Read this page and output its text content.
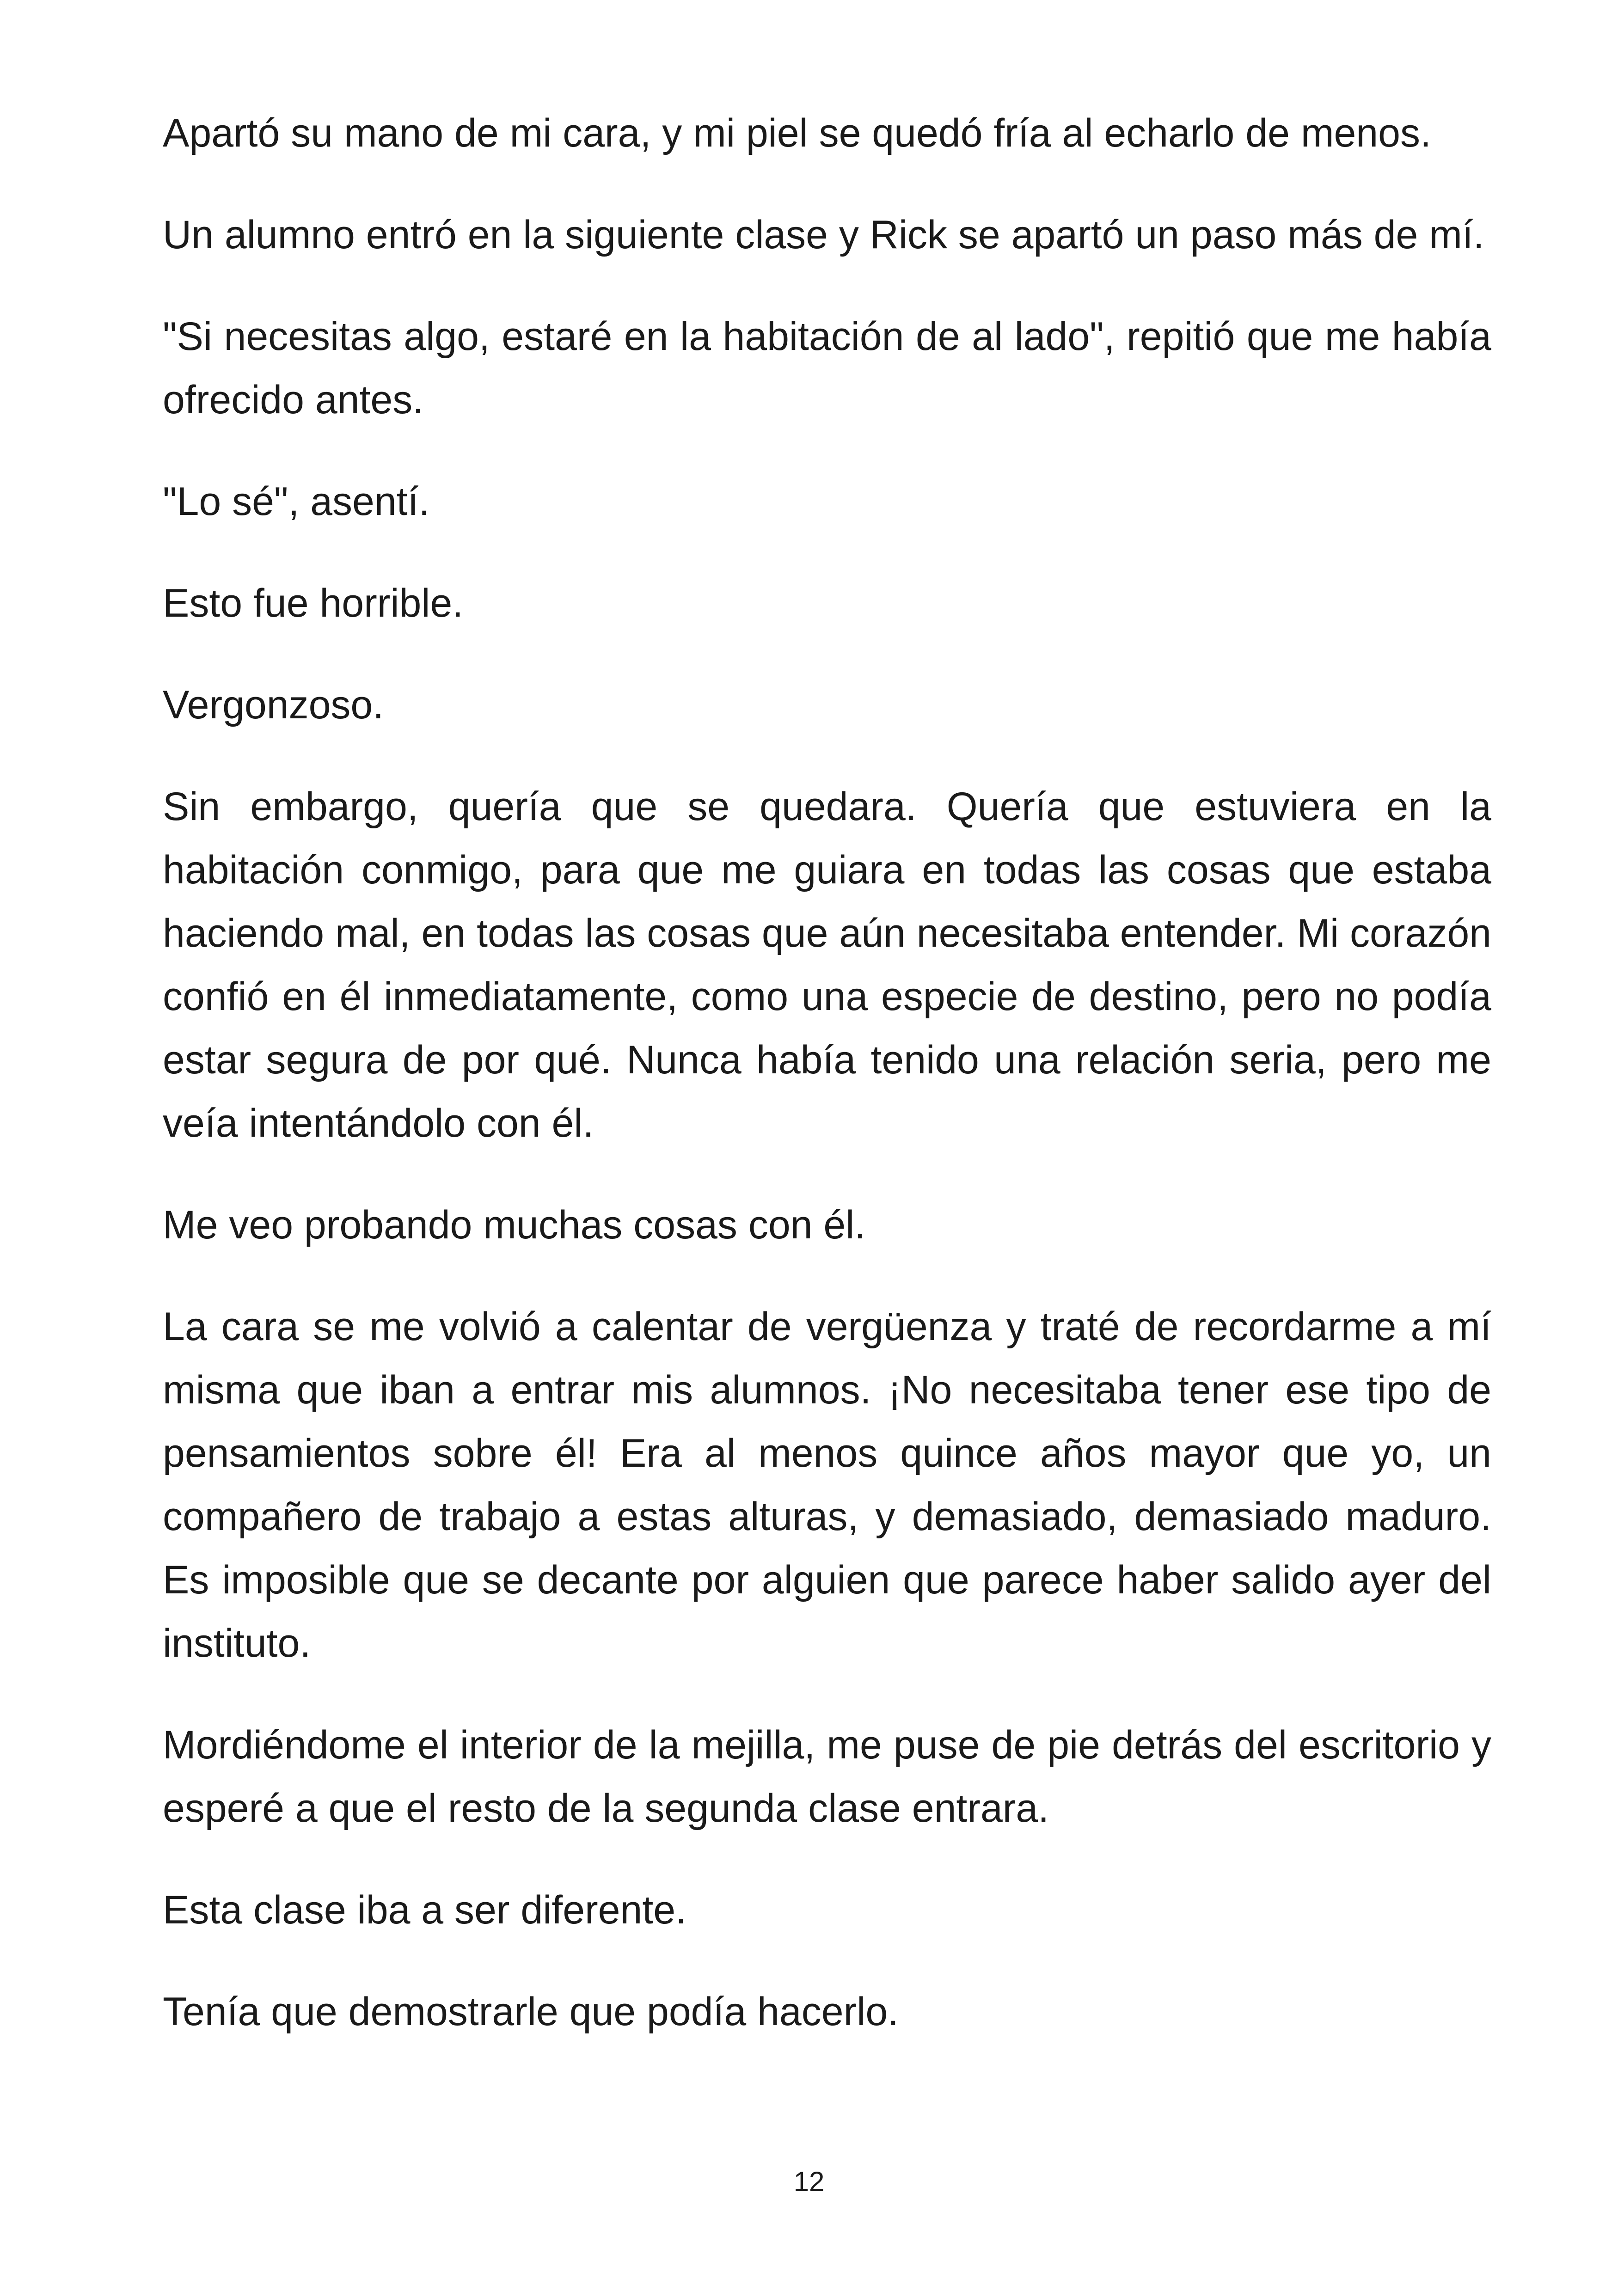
Apartó su mano de mi cara, y mi piel se quedó fría al echarlo de menos.

Un alumno entró en la siguiente clase y Rick se apartó un paso más de mí.

"Si necesitas algo, estaré en la habitación de al lado", repitió que me había ofrecido antes.

"Lo sé", asentí.

Esto fue horrible.

Vergonzoso.

Sin embargo, quería que se quedara. Quería que estuviera en la habitación conmigo, para que me guiara en todas las cosas que estaba haciendo mal, en todas las cosas que aún necesitaba entender. Mi corazón confió en él inmediatamente, como una especie de destino, pero no podía estar segura de por qué. Nunca había tenido una relación seria, pero me veía intentándolo con él.

Me veo probando muchas cosas con él.

La cara se me volvió a calentar de vergüenza y traté de recordarme a mí misma que iban a entrar mis alumnos. ¡No necesitaba tener ese tipo de pensamientos sobre él! Era al menos quince años mayor que yo, un compañero de trabajo a estas alturas, y demasiado, demasiado maduro. Es imposible que se decante por alguien que parece haber salido ayer del instituto.

Mordiéndome el interior de la mejilla, me puse de pie detrás del escritorio y esperé a que el resto de la segunda clase entrara.

Esta clase iba a ser diferente.

Tenía que demostrarle que podía hacerlo.

12
